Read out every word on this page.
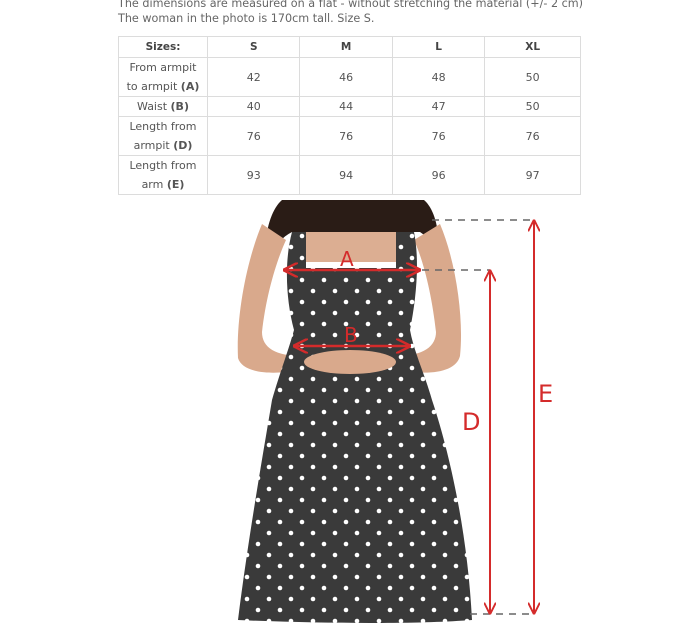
The dimensions are measured on a flat - without stretching the material (+/- 2 cm)
The woman in the photo is 170cm tall. Size S.
Sizes:	S	M	L	XL
From armpit to armpit (A)	42	46	48	50
Waist (B)	40	44	47	50
Length from armpit (D)	76	76	76	76
Length from arm (E)	93	94	96	97
A
B
D
E
